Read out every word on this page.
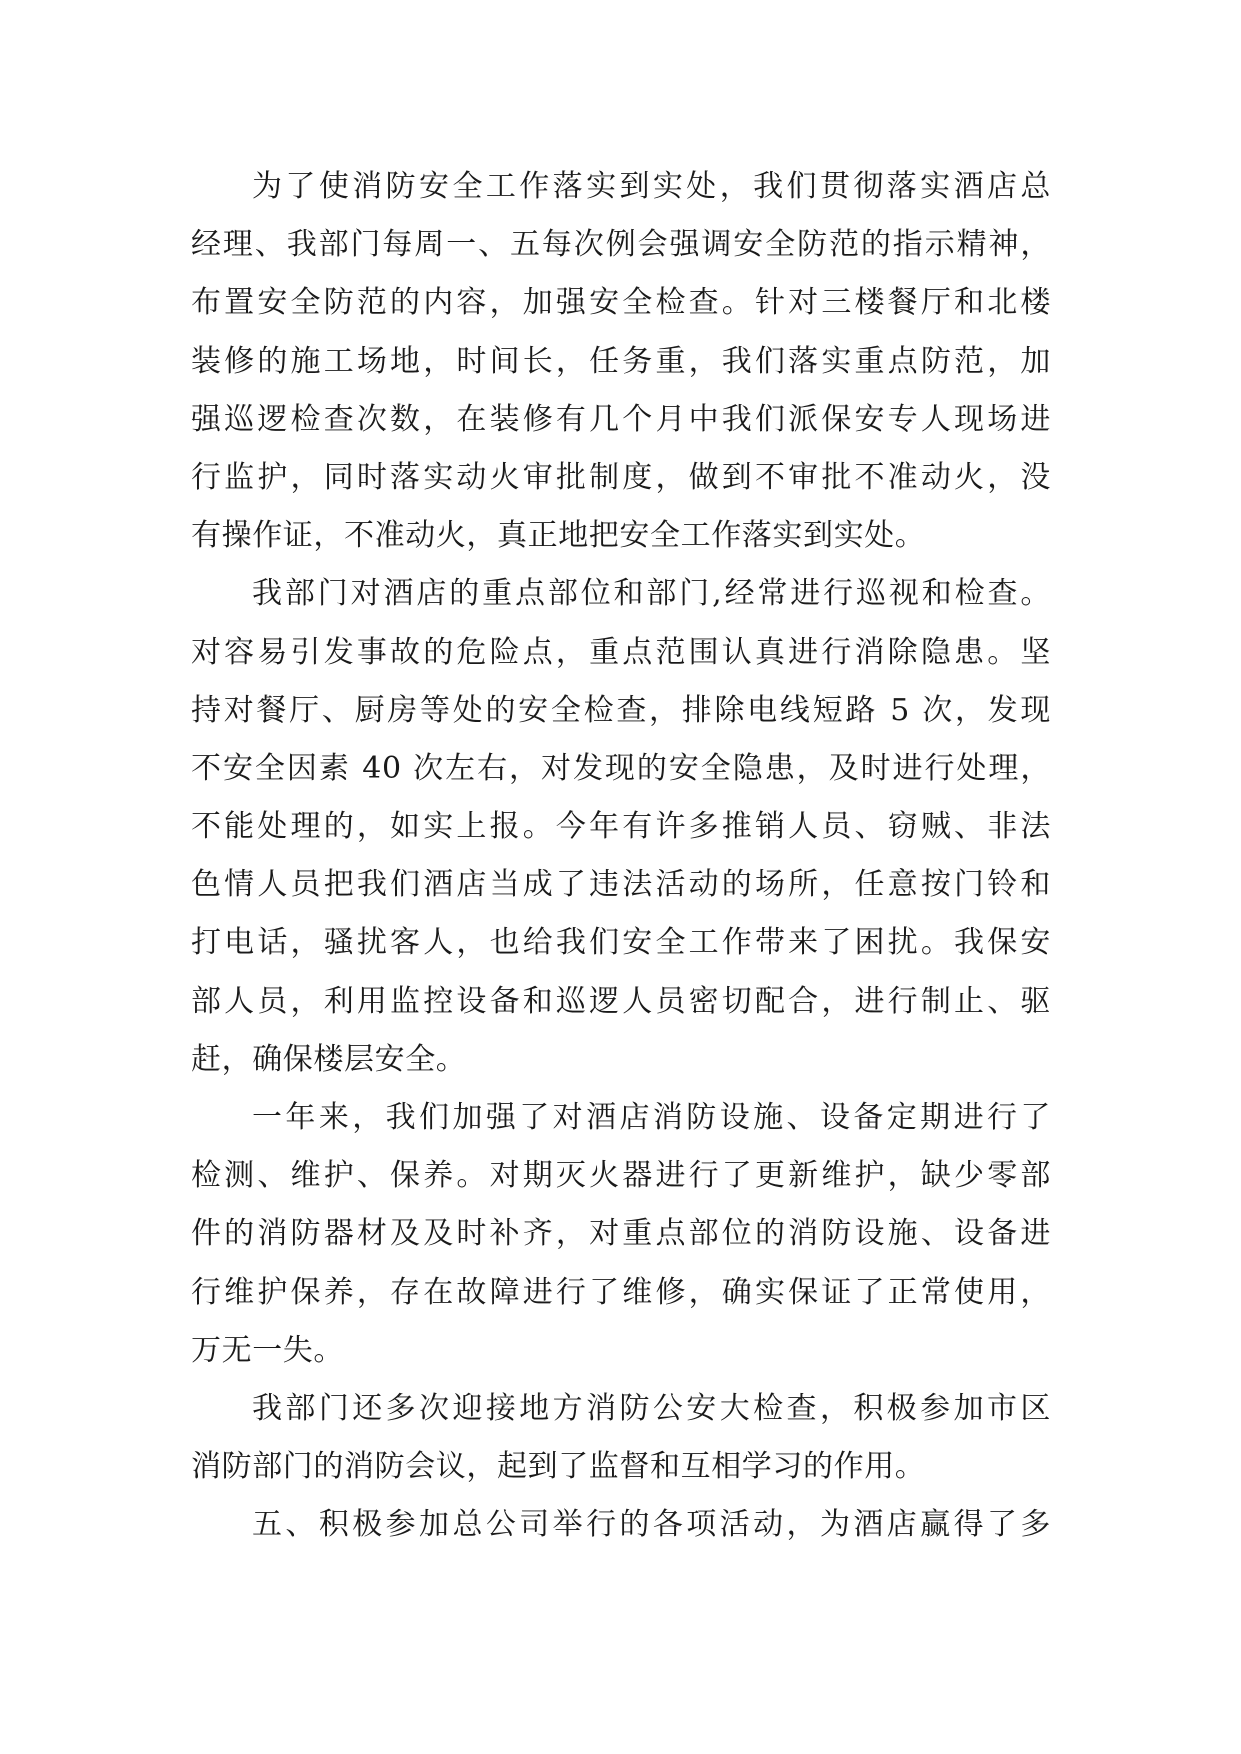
为了使消防安全工作落实到实处，我们贯彻落实酒店总
经理、我部门每周一、五每次例会强调安全防范的指示精神，
布置安全防范的内容，加强安全检查。针对三楼餐厅和北楼
装修的施工场地，时间长，任务重，我们落实重点防范，加
强巡逻检查次数，在装修有几个月中我们派保安专人现场进
行监护，同时落实动火审批制度，做到不审批不准动火，没
有操作证，不准动火，真正地把安全工作落实到实处。
我部门对酒店的重点部位和部门,经常进行巡视和检查。
对容易引发事故的危险点，重点范围认真进行消除隐患。坚
持对餐厅、厨房等处的安全检查，排除电线短路 5 次，发现
不安全因素 40 次左右，对发现的安全隐患，及时进行处理，
不能处理的，如实上报。今年有许多推销人员、窃贼、非法
色情人员把我们酒店当成了违法活动的场所，任意按门铃和
打电话，骚扰客人，也给我们安全工作带来了困扰。我保安
部人员，利用监控设备和巡逻人员密切配合，进行制止、驱
赶，确保楼层安全。
一年来，我们加强了对酒店消防设施、设备定期进行了
检测、维护、保养。对期灭火器进行了更新维护，缺少零部
件的消防器材及及时补齐，对重点部位的消防设施、设备进
行维护保养，存在故障进行了维修，确实保证了正常使用，
万无一失。
我部门还多次迎接地方消防公安大检查，积极参加市区
消防部门的消防会议，起到了监督和互相学习的作用。
五、积极参加总公司举行的各项活动，为酒店赢得了多
